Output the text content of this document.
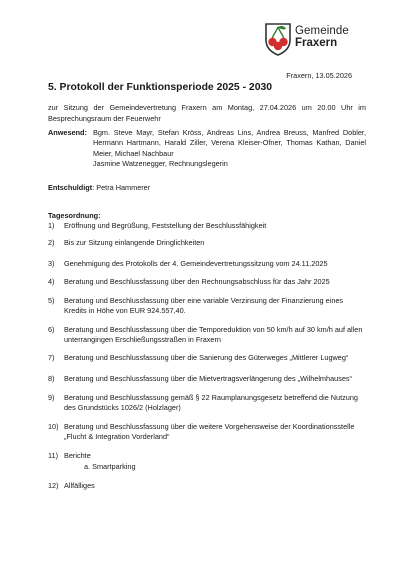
Gemeinde
Fraxern
Fraxern, 13.05.2026
5. Protokoll der Funktionsperiode 2025 - 2030
zur Sitzung der Gemeindevertretung Fraxern am Montag, 27.04.2026 um 20.00 Uhr im Besprechungsraum der Feuerwehr
Anwesend: Bgm. Steve Mayr, Stefan Kröss, Andreas Lins, Andrea Breuss, Manfred Dobler, Hermann Hartmann, Harald Ziller, Verena Kleiser-Ofner, Thomas Kathan, Daniel Meier, Michael Nachbaur
Jasmine Watzenegger, Rechnungslegerin
Entschuldigt: Petra Hammerer
Tagesordnung:
1) Eröffnung und Begrüßung, Feststellung der Beschlussfähigkeit
2) Bis zur Sitzung einlangende Dringlichkeiten
3) Genehmigung des Protokolls der 4. Gemeindevertretungssitzung vom 24.11.2025
4) Beratung und Beschlussfassung über den Rechnungsabschluss für das Jahr 2025
5) Beratung und Beschlussfassung über eine variable Verzinsung der Finanzierung eines Kredits in Höhe von EUR 924.557,40.
6) Beratung und Beschlussfassung über die Temporeduktion von 50 km/h auf 30 km/h auf allen unterrangingen Erschließungsstraßen in Fraxern
7) Beratung und Beschlussfassung über die Sanierung des Güterweges „Mittlerer Lugweg“
8) Beratung und Beschlussfassung über die Mietvertragsverlängerung des „Wilhelmhauses“
9) Beratung und Beschlussfassung gemäß § 22 Raumplanungsgesetz betreffend die Nutzung des Grundstücks 1026/2 (Holzlager)
10) Beratung und Beschlussfassung über die weitere Vorgehensweise der Koordinationsstelle „Flucht & Integration Vorderland“
11) Berichte
a. Smartparking
12) Allfälliges
